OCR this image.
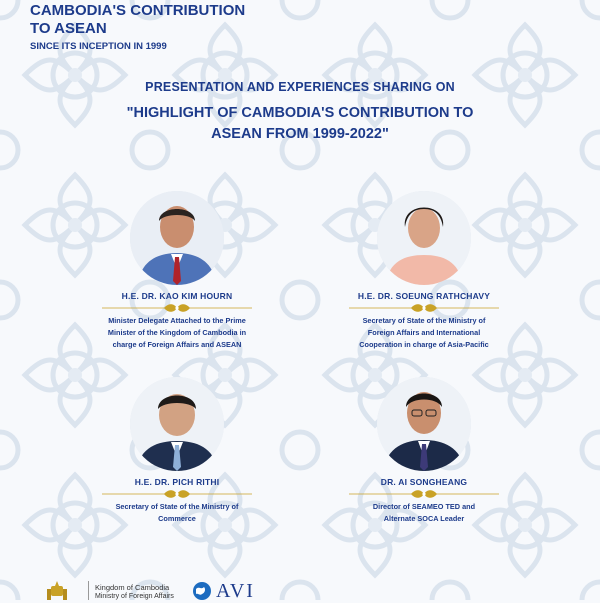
CAMBODIA'S CONTRIBUTION
TO ASEAN
SINCE ITS INCEPTION IN 1999
PRESENTATION AND EXPERIENCES SHARING ON
"HIGHLIGHT OF CAMBODIA'S CONTRIBUTION TO
ASEAN FROM 1999-2022"
H.E. DR. KAO KIM HOURN
Minister Delegate Attached to the Prime
Minister of the Kingdom of Cambodia in
charge of Foreign Affairs and ASEAN
H.E. DR. SOEUNG RATHCHAVY
Secretary of State of the Ministry of
Foreign Affairs and International
Cooperation in charge of Asia-Pacific
H.E. DR. PICH RITHI
Secretary of State of the Ministry of
Commerce
DR. AI SONGHEANG
Director of SEAMEO TED and
Alternate SOCA Leader
Kingdom of Cambodia
Ministry of Foreign Affairs AVI
